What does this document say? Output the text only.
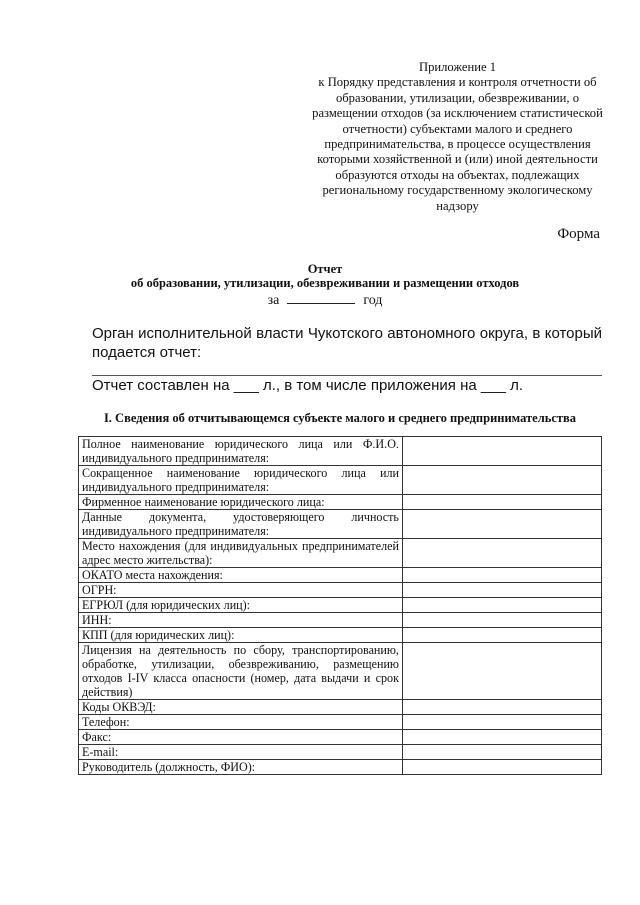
Приложение 1
к Порядку представления и контроля отчетности об
образовании, утилизации, обезвреживании, о
размещении отходов (за исключением статистической
отчетности) субъектами малого и среднего
предпринимательства, в процессе осуществления
которыми хозяйственной и (или) иной деятельности
образуются отходы на объектах, подлежащих
региональному государственному экологическому
надзору
Форма
Отчет
об образовании, утилизации, обезвреживании и размещении отходов
за	год
Орган исполнительной власти Чукотского автономного округа, в который подается отчет:
Отчет составлен на ___ л., в том числе приложения на ___ л.
I. Сведения об отчитывающемся субъекте малого и среднего предпринимательства
Полное наименование юридического лица или Ф.И.О. индивидуального предпринимателя:	
Сокращенное наименование юридического лица или индивидуального предпринимателя:	
Фирменное наименование юридического лица:	
Данные документа, удостоверяющего личность индивидуального предпринимателя:	
Место нахождения (для индивидуальных предпринимателей адрес место жительства):	
ОКАТО места нахождения:	
ОГРН:	
ЕГРЮЛ (для юридических лиц):	
ИНН:	
КПП (для юридических лиц):	
Лицензия на деятельность по сбору, транспортированию, обработке, утилизации, обезвреживанию, размещению отходов I-IV класса опасности (номер, дата выдачи и срок действия)	
Коды ОКВЭД:	
Телефон:	
Факс:	
E-mail:	
Руководитель (должность, ФИО):	
